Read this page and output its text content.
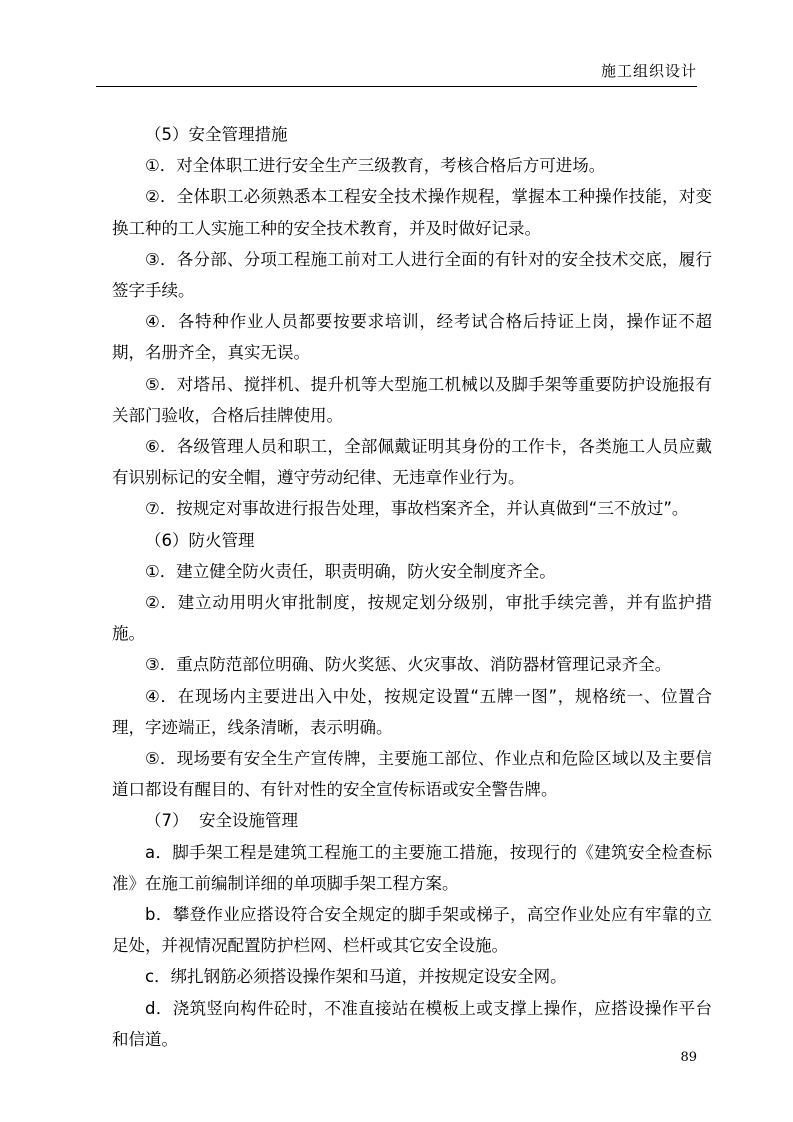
施工组织设计

（5）安全管理措施

①．对全体职工进行安全生产三级教育，考核合格后方可进场。

②．全体职工必须熟悉本工程安全技术操作规程，掌握本工种操作技能，对变换工种的工人实施工种的安全技术教育，并及时做好记录。

③．各分部、分项工程施工前对工人进行全面的有针对的安全技术交底，履行签字手续。

④．各特种作业人员都要按要求培训，经考试合格后持证上岗，操作证不超期，名册齐全，真实无误。

⑤．对塔吊、搅拌机、提升机等大型施工机械以及脚手架等重要防护设施报有关部门验收，合格后挂牌使用。

⑥．各级管理人员和职工，全部佩戴证明其身份的工作卡，各类施工人员应戴有识别标记的安全帽，遵守劳动纪律、无违章作业行为。

⑦．按规定对事故进行报告处理，事故档案齐全，并认真做到“三不放过”。

（6）防火管理

①．建立健全防火责任，职责明确，防火安全制度齐全。

②．建立动用明火审批制度，按规定划分级别，审批手续完善，并有监护措施。

③．重点防范部位明确、防火奖惩、火灾事故、消防器材管理记录齐全。

④．在现场内主要进出入中处，按规定设置“五牌一图”，规格统一、位置合理，字迹端正，线条清晰，表示明确。

⑤．现场要有安全生产宣传牌，主要施工部位、作业点和危险区域以及主要信道口都设有醒目的、有针对性的安全宣传标语或安全警告牌。

（7）  安全设施管理

a．脚手架工程是建筑工程施工的主要施工措施，按现行的《建筑安全检查标准》在施工前编制详细的单项脚手架工程方案。

b．攀登作业应搭设符合安全规定的脚手架或梯子，高空作业处应有牢靠的立足处，并视情况配置防护栏网、栏杆或其它安全设施。

c．绑扎钢筋必须搭设操作架和马道，并按规定设安全网。

d．浇筑竖向构件砼时，不准直接站在模板上或支撑上操作，应搭设操作平台和信道。

89
